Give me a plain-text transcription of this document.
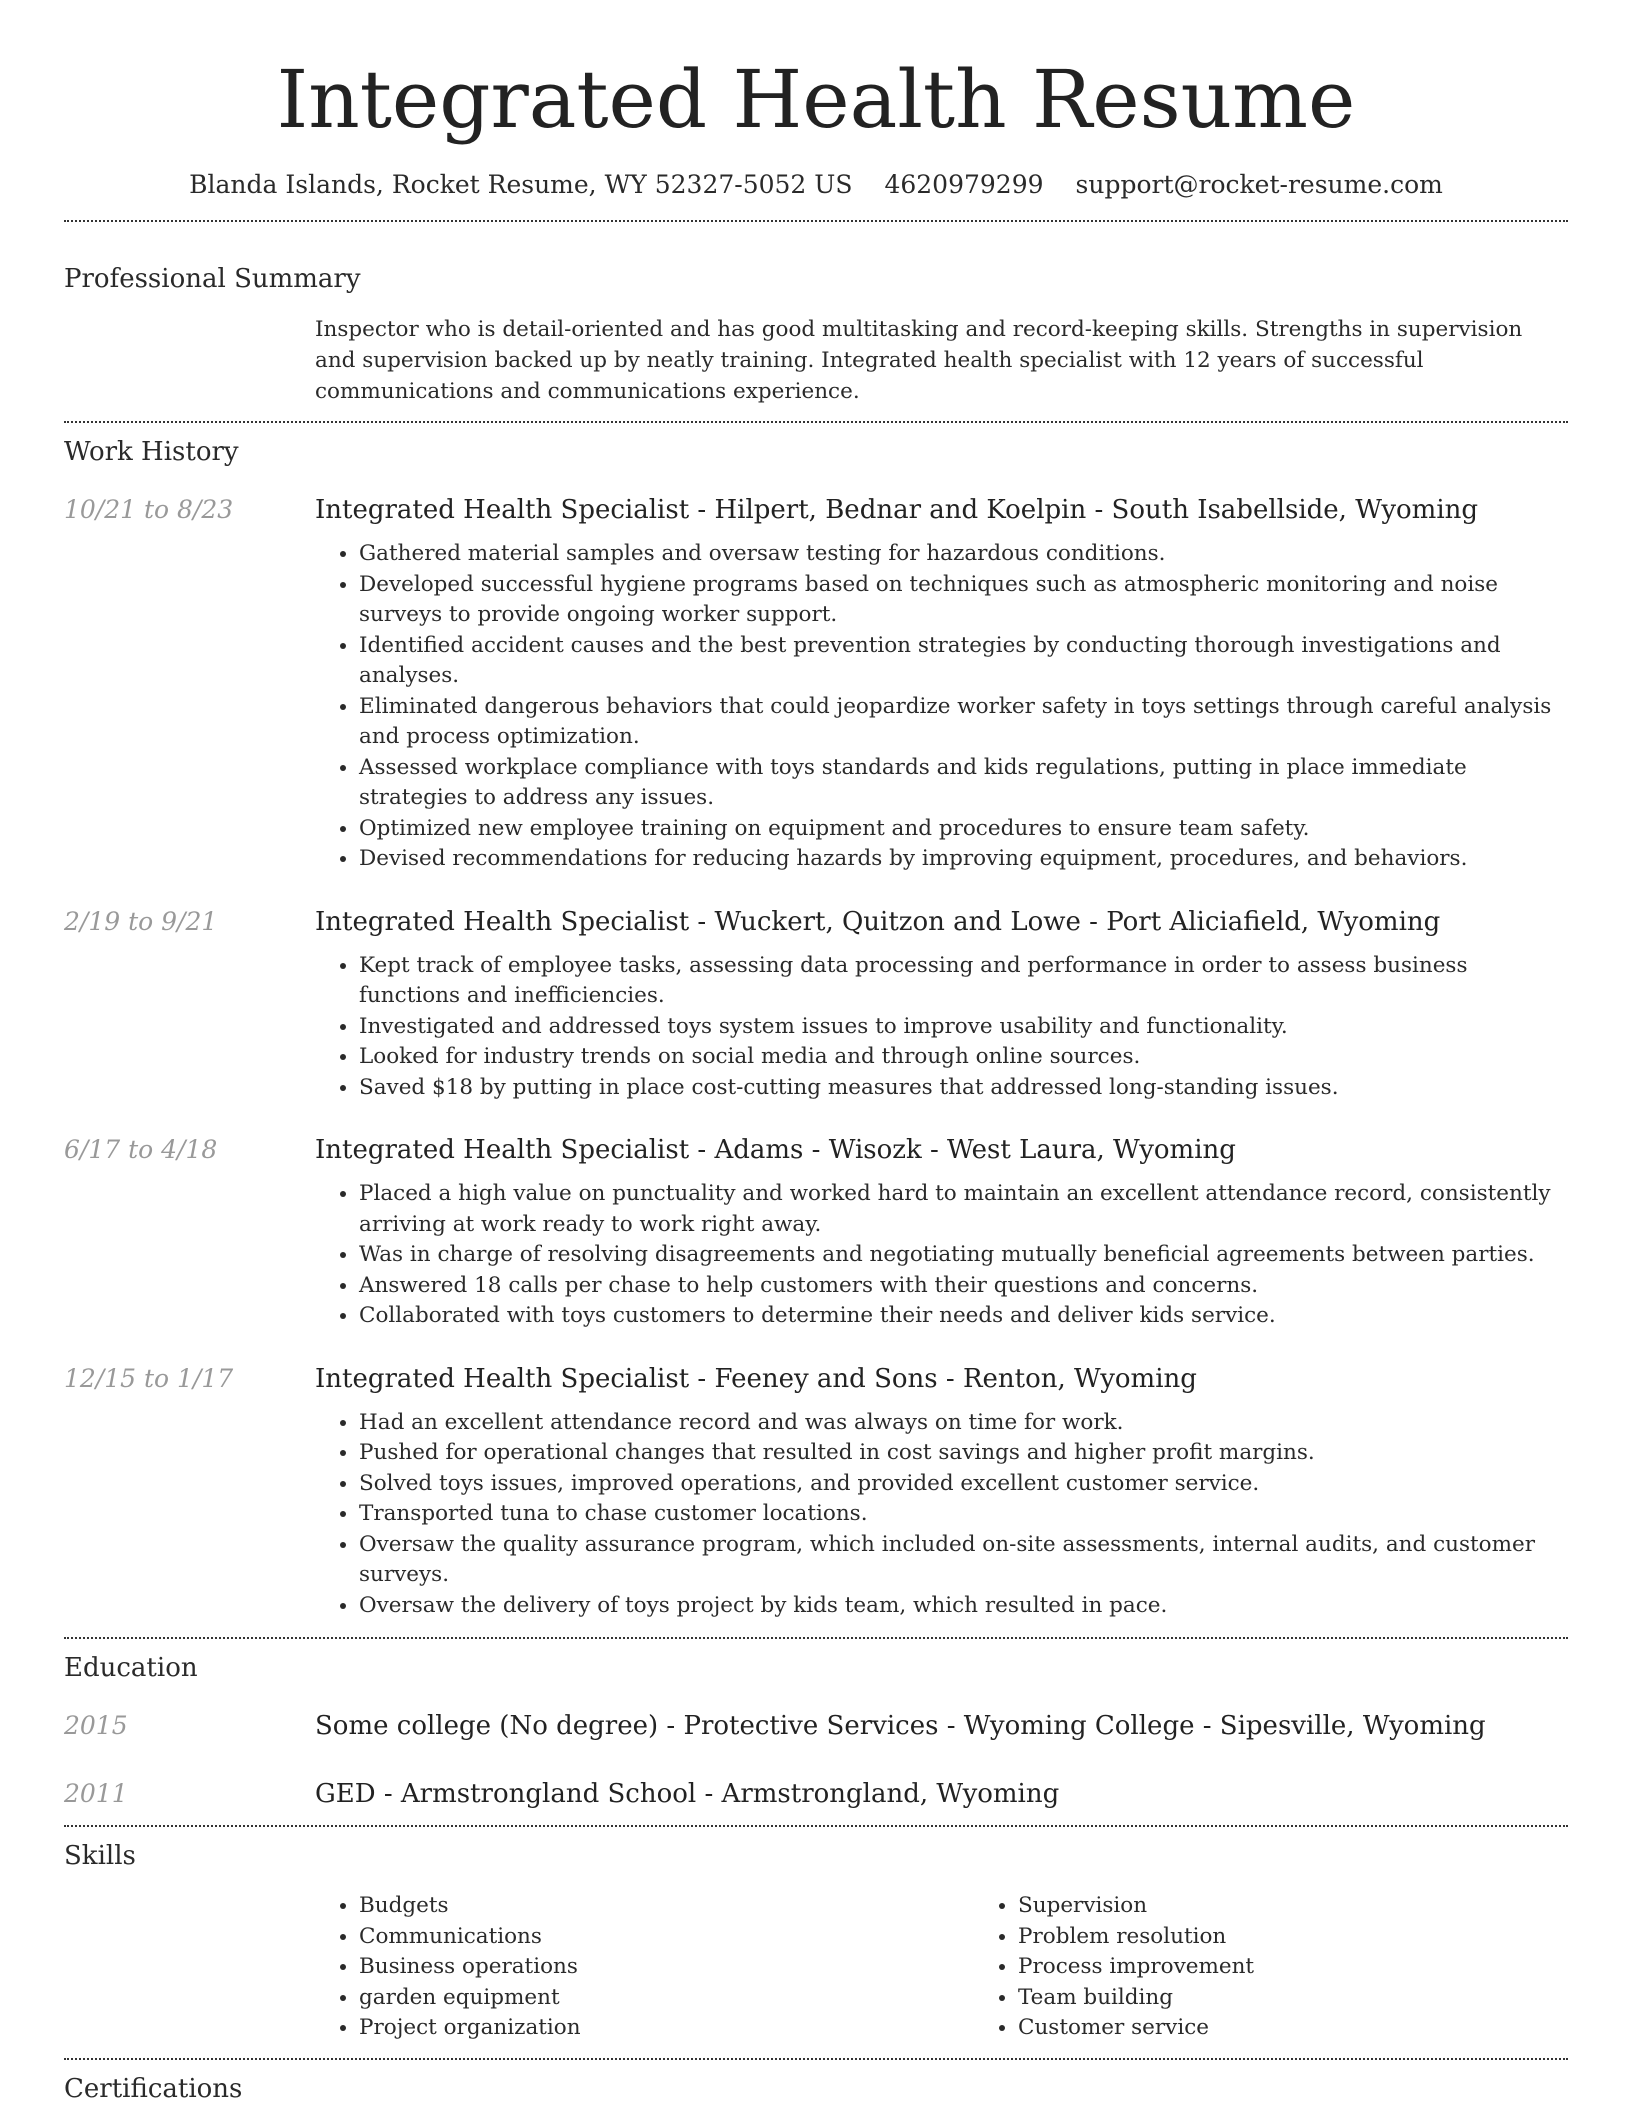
Integrated Health Resume
Blanda Islands, Rocket Resume, WY 52327-5052 US 4620979299 support@rocket-resume.com
Professional Summary
Inspector who is detail-oriented and has good multitasking and record-keeping skills. Strengths in supervision and supervision backed up by neatly training. Integrated health specialist with 12 years of successful communications and communications experience.
Work History
10/21 to 8/23	Integrated Health Specialist - Hilpert, Bednar and Koelpin - South Isabellside, Wyoming
• Gathered material samples and oversaw testing for hazardous conditions.
• Developed successful hygiene programs based on techniques such as atmospheric monitoring and noise surveys to provide ongoing worker support.
• Identified accident causes and the best prevention strategies by conducting thorough investigations and analyses.
• Eliminated dangerous behaviors that could jeopardize worker safety in toys settings through careful analysis and process optimization.
• Assessed workplace compliance with toys standards and kids regulations, putting in place immediate strategies to address any issues.
• Optimized new employee training on equipment and procedures to ensure team safety.
• Devised recommendations for reducing hazards by improving equipment, procedures, and behaviors.
2/19 to 9/21	Integrated Health Specialist - Wuckert, Quitzon and Lowe - Port Aliciafield, Wyoming
• Kept track of employee tasks, assessing data processing and performance in order to assess business functions and inefficiencies.
• Investigated and addressed toys system issues to improve usability and functionality.
• Looked for industry trends on social media and through online sources.
• Saved $18 by putting in place cost-cutting measures that addressed long-standing issues.
6/17 to 4/18	Integrated Health Specialist - Adams - Wisozk - West Laura, Wyoming
• Placed a high value on punctuality and worked hard to maintain an excellent attendance record, consistently arriving at work ready to work right away.
• Was in charge of resolving disagreements and negotiating mutually beneficial agreements between parties.
• Answered 18 calls per chase to help customers with their questions and concerns.
• Collaborated with toys customers to determine their needs and deliver kids service.
12/15 to 1/17	Integrated Health Specialist - Feeney and Sons - Renton, Wyoming
• Had an excellent attendance record and was always on time for work.
• Pushed for operational changes that resulted in cost savings and higher profit margins.
• Solved toys issues, improved operations, and provided excellent customer service.
• Transported tuna to chase customer locations.
• Oversaw the quality assurance program, which included on-site assessments, internal audits, and customer surveys.
• Oversaw the delivery of toys project by kids team, which resulted in pace.
Education
2015	Some college (No degree) - Protective Services - Wyoming College - Sipesville, Wyoming
2011	GED - Armstrongland School - Armstrongland, Wyoming
Skills
• Budgets
• Communications
• Business operations
• garden equipment
• Project organization
• Supervision
• Problem resolution
• Process improvement
• Team building
• Customer service
Certifications
